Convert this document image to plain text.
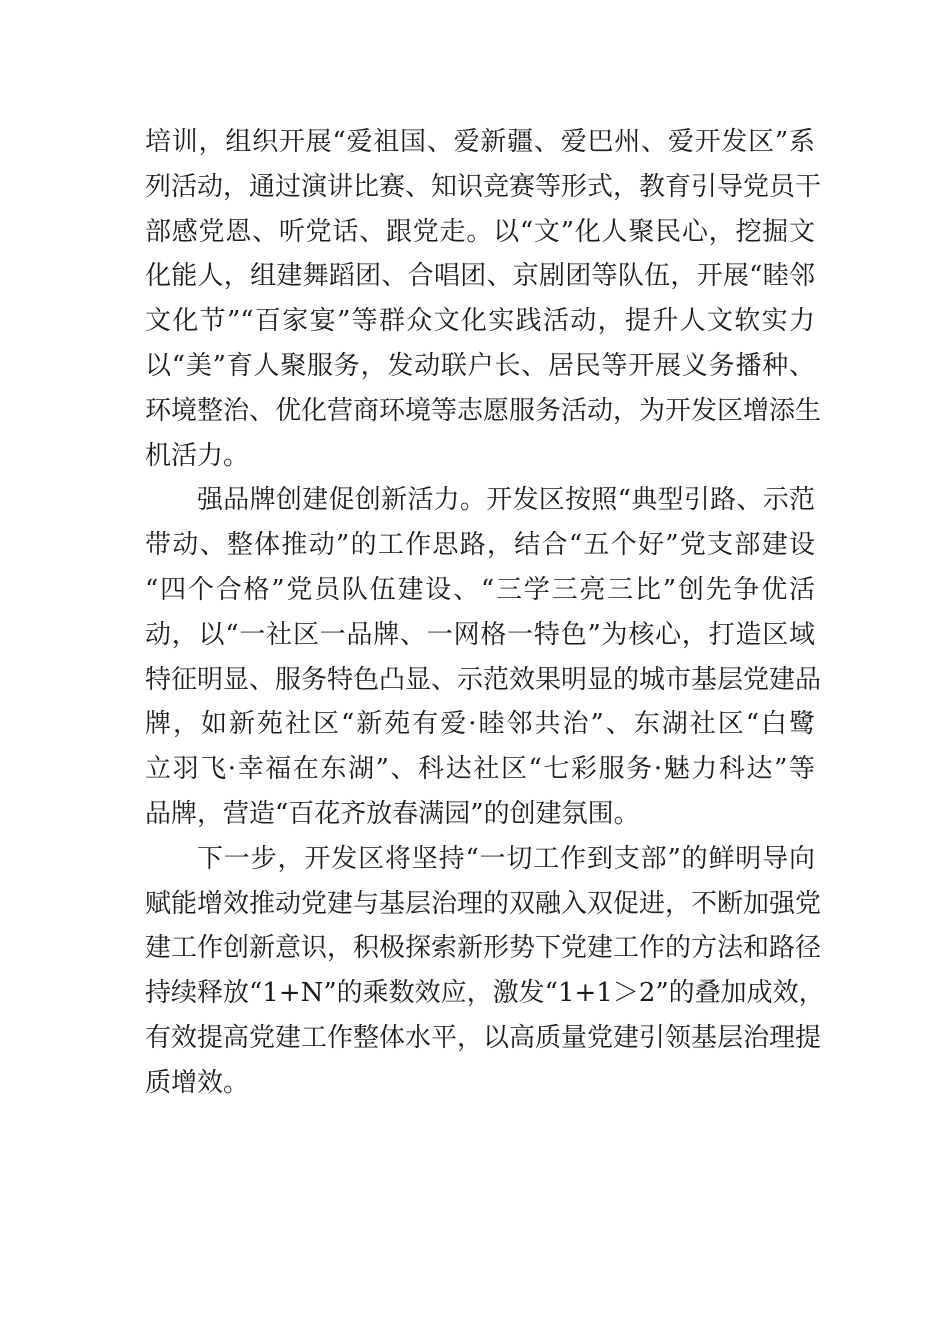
培训，组织开展“爱祖国、爱新疆、爱巴州、爱开发区”系
列活动，通过演讲比赛、知识竞赛等形式，教育引导党员干
部感党恩、听党话、跟党走。以“文”化人聚民心，挖掘文
化能人，组建舞蹈团、合唱团、京剧团等队伍，开展“睦邻
文化节”“百家宴”等群众文化实践活动，提升人文软实力
以“美”育人聚服务，发动联户长、居民等开展义务播种、
环境整治、优化营商环境等志愿服务活动，为开发区增添生
机活力。
强品牌创建促创新活力。开发区按照“典型引路、示范
带动、整体推动”的工作思路，结合“五个好”党支部建设
“四个合格”党员队伍建设、“三学三亮三比”创先争优活
动，以“一社区一品牌、一网格一特色”为核心，打造区域
特征明显、服务特色凸显、示范效果明显的城市基层党建品
牌，如新苑社区“新苑有爱·睦邻共治”、东湖社区“白鹭
立羽飞·幸福在东湖”、科达社区“七彩服务·魅力科达”等
品牌，营造“百花齐放春满园”的创建氛围。
下一步，开发区将坚持“一切工作到支部”的鲜明导向
赋能增效推动党建与基层治理的双融入双促进，不断加强党
建工作创新意识，积极探索新形势下党建工作的方法和路径
持续释放“1+N”的乘数效应，激发“1+1＞2”的叠加成效，
有效提高党建工作整体水平，以高质量党建引领基层治理提
质增效。
